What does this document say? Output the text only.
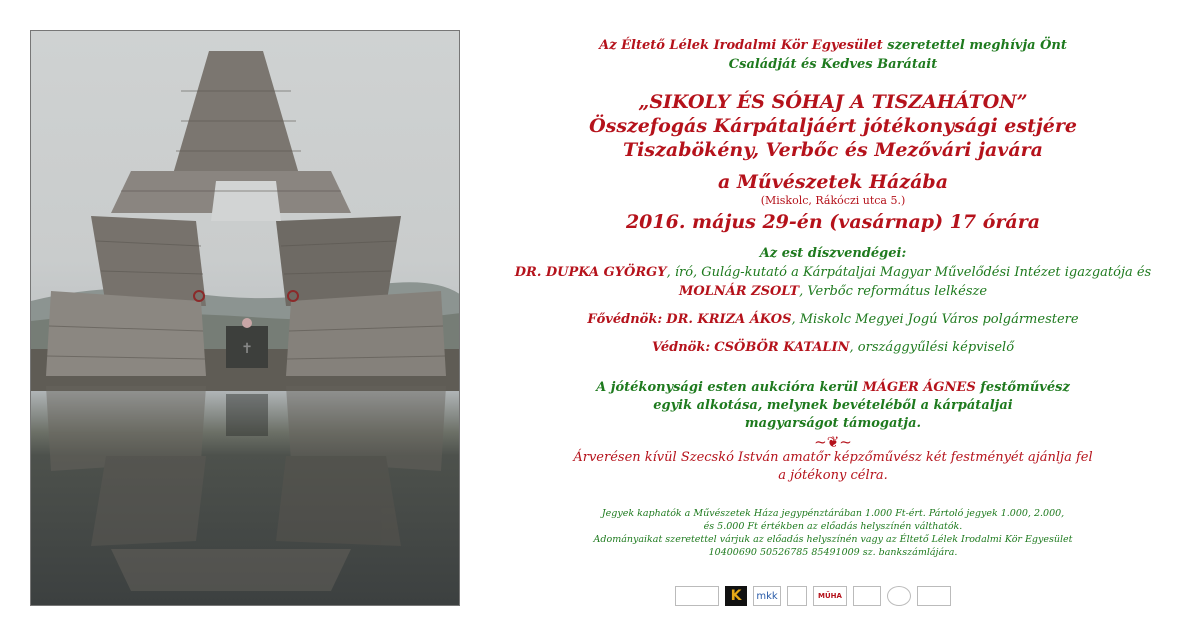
✝

Az Éltető Lélek Irodalmi Kör Egyesület szeretettel meghívja Önt

Családját és Kedves Barátait

„SIKOLY ÉS SÓHAJ A TISZAHÁTON”

Összefogás Kárpátaljáért jótékonysági estjére

Tiszabökény, Verbőc és Mezővári javára

a Művészetek Házába

(Miskolc, Rákóczi utca 5.)

2016. május 29-én (vasárnap) 17 órára

Az est díszvendégei:

DR. DUPKA GYÖRGY, író, Gulág-kutató a Kárpátaljai Magyar Művelődési Intézet igazgatója és

MOLNÁR ZSOLT, Verbőc református lelkésze

Fővédnök: DR. KRIZA ÁKOS, Miskolc Megyei Jogú Város polgármestere

Védnök: CSÖBÖR KATALIN, országgyűlési képviselő

A jótékonysági esten aukcióra kerül MÁGER ÁGNES festőművész

egyik alkotása, melynek bevételéből a kárpátaljai

magyarságot támogatja.

~❦~

Árverésen kívül Szecskó István amatőr képzőművész két festményét ajánlja fel

a jótékony célra.

Jegyek kaphatók a Művészetek Háza jegypénztárában 1.000 Ft-ért. Pártoló jegyek 1.000, 2.000,

és 5.000 Ft értékben az előadás helyszínén válthatók.

Adományaikat szeretettel várjuk az előadás helyszínén vagy az Éltető Lélek Irodalmi Kör Egyesület

10400690 50526785 85491009 sz. bankszámlájára.

K mkk	MŰHA
